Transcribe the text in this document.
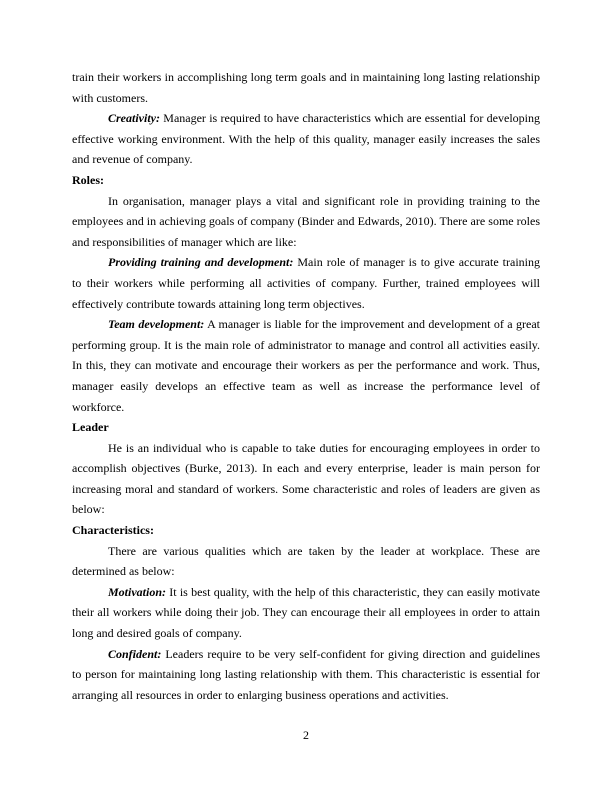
train their workers in accomplishing long term goals and in maintaining long lasting relationship with customers.

Creativity: Manager is required to have characteristics which are essential for developing effective working environment. With the help of this quality, manager easily increases the sales and revenue of company.

Roles:

In organisation, manager plays a vital and significant role in providing training to the employees and in achieving goals of company (Binder and Edwards, 2010). There are some roles and responsibilities of manager which are like:

Providing training and development: Main role of manager is to give accurate training to their workers while performing all activities of company. Further, trained employees will effectively contribute towards attaining long term objectives.

Team development: A manager is liable for the improvement and development of a great performing group. It is the main role of administrator to manage and control all activities easily. In this, they can motivate and encourage their workers as per the performance and work. Thus, manager easily develops an effective team as well as increase the performance level of workforce.

Leader

He is an individual who is capable to take duties for encouraging employees in order to accomplish objectives (Burke, 2013). In each and every enterprise, leader is main person for increasing moral and standard of workers. Some characteristic and roles of leaders are given as below:

Characteristics:

There are various qualities which are taken by the leader at workplace. These are determined as below:

Motivation: It is best quality, with the help of this characteristic, they can easily motivate their all workers while doing their job. They can encourage their all employees in order to attain long and desired goals of company.

Confident: Leaders require to be very self-confident for giving direction and guidelines to person for maintaining long lasting relationship with them. This characteristic is essential for arranging all resources in order to enlarging business operations and activities.

2
